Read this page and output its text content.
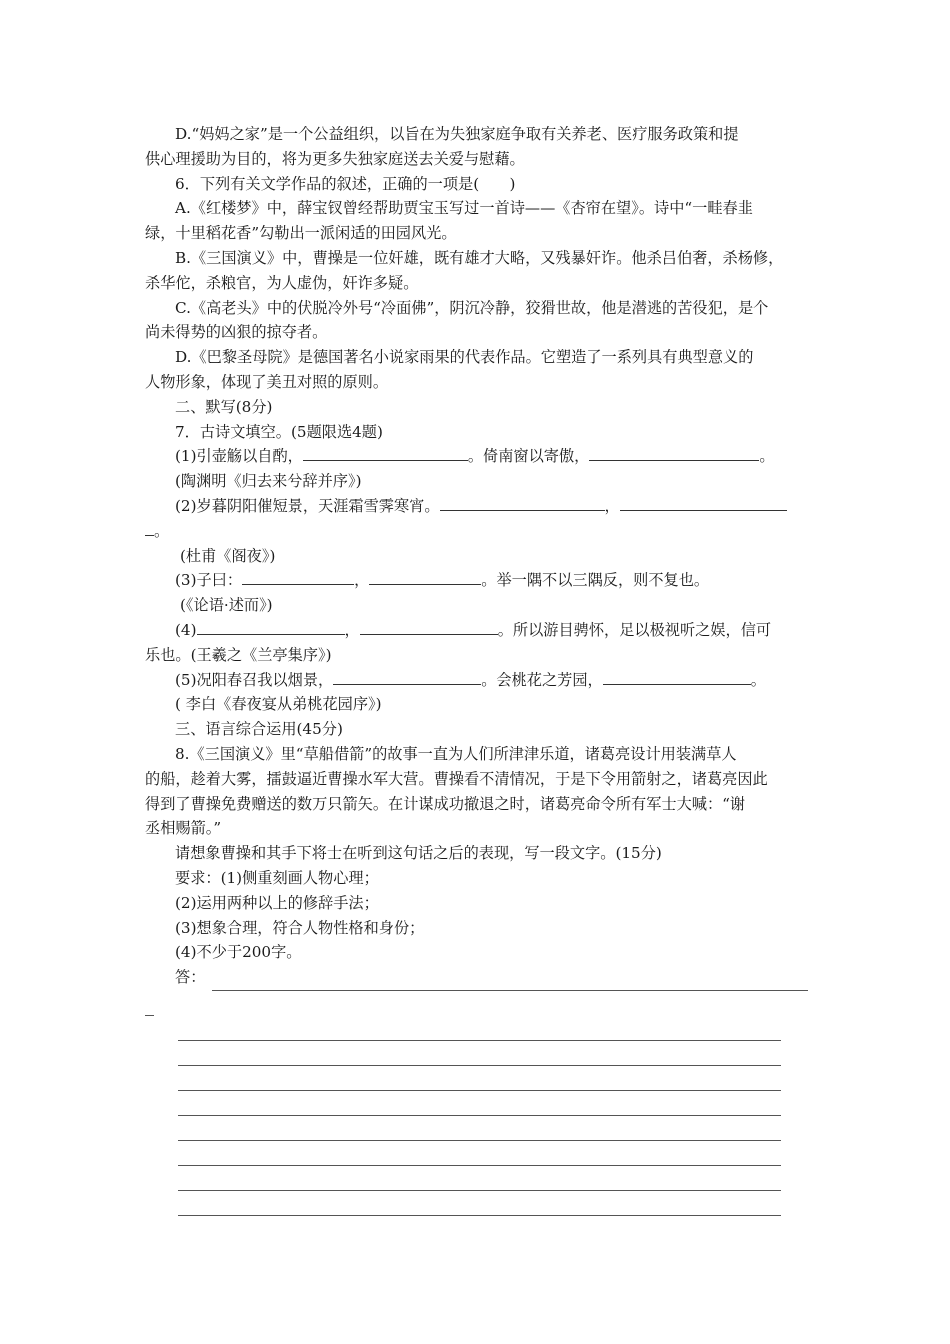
D.“妈妈之家”是一个公益组织，以旨在为失独家庭争取有关养老、医疗服务政策和提
供心理援助为目的，将为更多失独家庭送去关爱与慰藉。
6．下列有关文学作品的叙述，正确的一项是(　　)
A.《红楼梦》中，薛宝钗曾经帮助贾宝玉写过一首诗——《杏帘在望》。诗中“一畦春韭
绿，十里稻花香”勾勒出一派闲适的田园风光。
B.《三国演义》中，曹操是一位奸雄，既有雄才大略，又残暴奸诈。他杀吕伯奢，杀杨修，
杀华佗，杀粮官，为人虚伪，奸诈多疑。
C.《高老头》中的伏脱冷外号“冷面佛”，阴沉冷静，狡猾世故，他是潜逃的苦役犯，是个
尚未得势的凶狠的掠夺者。
D.《巴黎圣母院》是德国著名小说家雨果的代表作品。它塑造了一系列具有典型意义的
人物形象，体现了美丑对照的原则。
二、默写(8分)
7．古诗文填空。(5题限选4题)
(1)引壶觞以自酌，	。倚南窗以寄傲，	。
(陶渊明《归去来兮辞并序》)
(2)岁暮阴阳催短景，天涯霜雪霁寒宵。	，
。
(杜甫《阁夜》)
(3)子曰：	，	。举一隅不以三隅反，则不复也。
(《论语·述而》)
(4)	，	。所以游目骋怀，足以极视听之娱，信可
乐也。(王羲之《兰亭集序》)
(5)况阳春召我以烟景，	。会桃花之芳园，	。
( 李白《春夜宴从弟桃花园序》)
三、语言综合运用(45分)
8.《三国演义》里“草船借箭”的故事一直为人们所津津乐道，诸葛亮设计用装满草人
的船，趁着大雾，擂鼓逼近曹操水军大营。曹操看不清情况，于是下令用箭射之，诸葛亮因此
得到了曹操免费赠送的数万只箭矢。在计谋成功撤退之时，诸葛亮命令所有军士大喊：“谢
丞相赐箭。”
请想象曹操和其手下将士在听到这句话之后的表现，写一段文字。(15分)
要求：(1)侧重刻画人物心理；
(2)运用两种以上的修辞手法；
(3)想象合理，符合人物性格和身份；
(4)不少于200字。
答：
